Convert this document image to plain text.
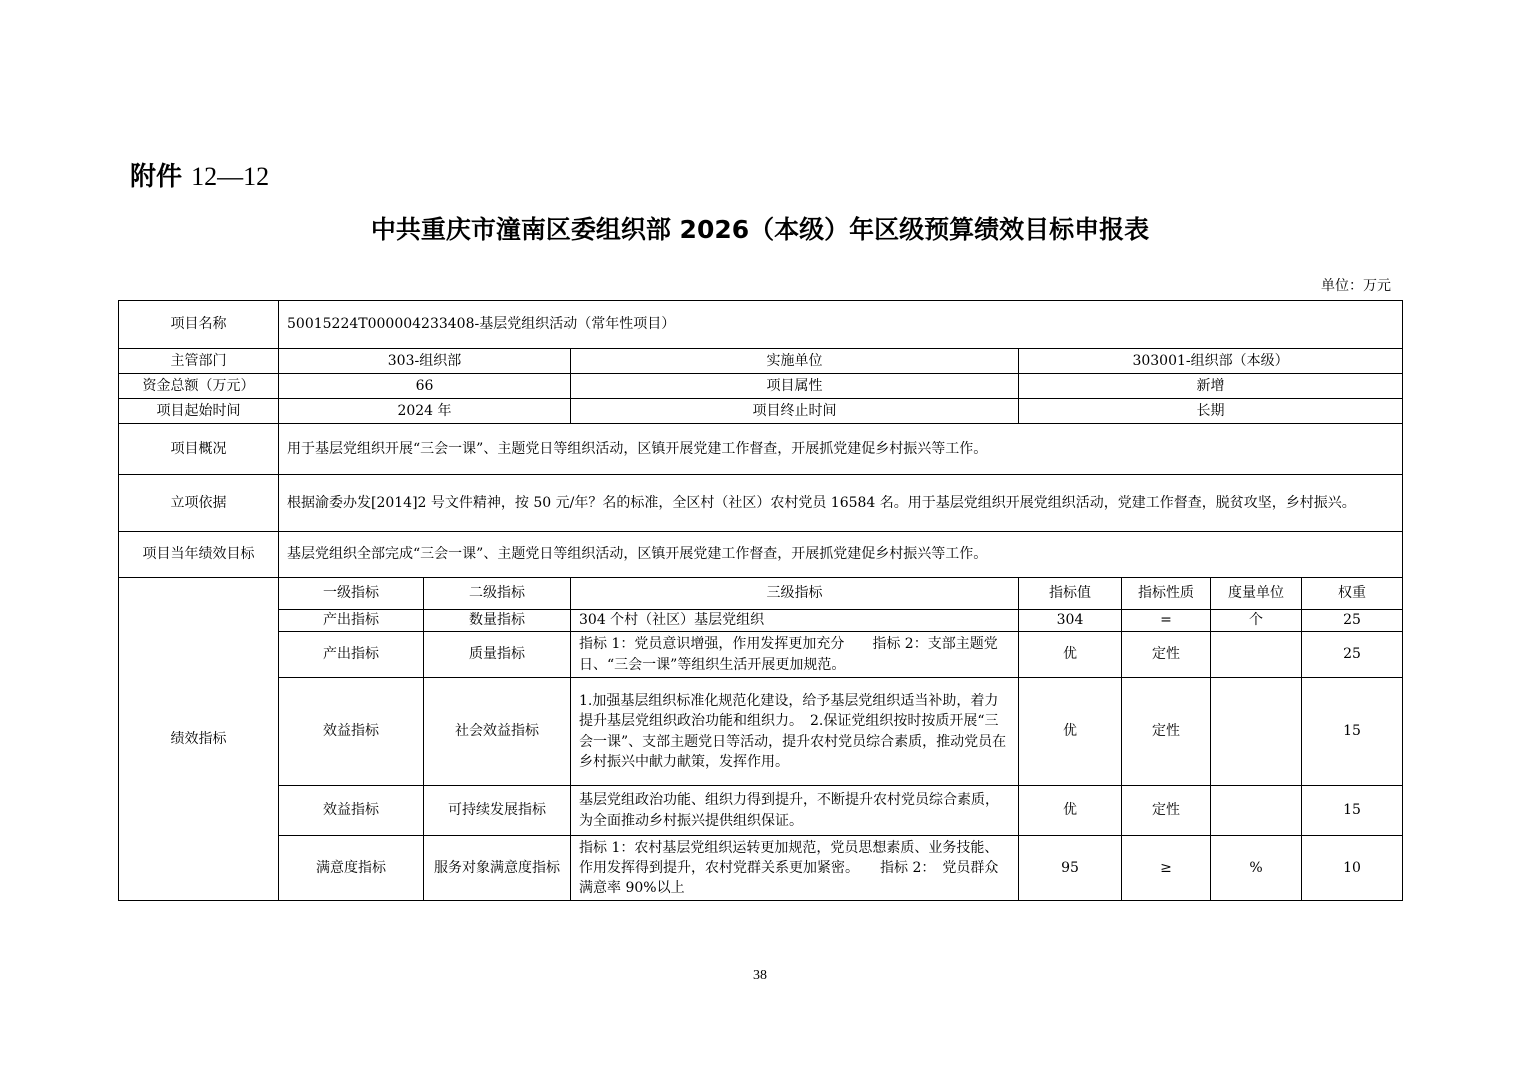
附件 12—12
中共重庆市潼南区委组织部 2026（本级）年区级预算绩效目标申报表
单位：万元
项目名称	50015224T000004233408-基层党组织活动（常年性项目）						
主管部门	303-组织部		实施单位	303001-组织部（本级）			
资金总额（万元）	66		项目属性	新增			
项目起始时间	2024 年		项目终止时间	长期			
项目概况	用于基层党组织开展“三会一课”、主题党日等组织活动，区镇开展党建工作督查，开展抓党建促乡村振兴等工作。						
立项依据	根据渝委办发[2014]2 号文件精神，按 50 元/年？名的标准，全区村（社区）农村党员 16584 名。用于基层党组织开展党组织活动，党建工作督查，脱贫攻坚，乡村振兴。						
项目当年绩效目标	基层党组织全部完成“三会一课”、主题党日等组织活动，区镇开展党建工作督查，开展抓党建促乡村振兴等工作。						
绩效指标	一级指标	二级指标	三级指标	指标值	指标性质	度量单位	权重
	产出指标	数量指标	304 个村（社区）基层党组织	304	=	个	25
	产出指标	质量指标	指标 1：党员意识增强，作用发挥更加充分　　指标 2：支部主题党日、“三会一课”等组织生活开展更加规范。	优	定性		25
	效益指标	社会效益指标	1.加强基层组织标准化规范化建设，给予基层党组织适当补助，着力提升基层党组织政治功能和组织力。　2.保证党组织按时按质开展“三会一课”、支部主题党日等活动，提升农村党员综合素质，推动党员在乡村振兴中献力献策，发挥作用。	优	定性		15
	效益指标	可持续发展指标	基层党组政治功能、组织力得到提升，不断提升农村党员综合素质，为全面推动乡村振兴提供组织保证。	优	定性		15
	满意度指标	服务对象满意度指标	指标 1：农村基层党组织运转更加规范，党员思想素质、业务技能、作用发挥得到提升，农村党群关系更加紧密。　　指标 2：　党员群众满意率 90%以上	95	≥	%	10
38
